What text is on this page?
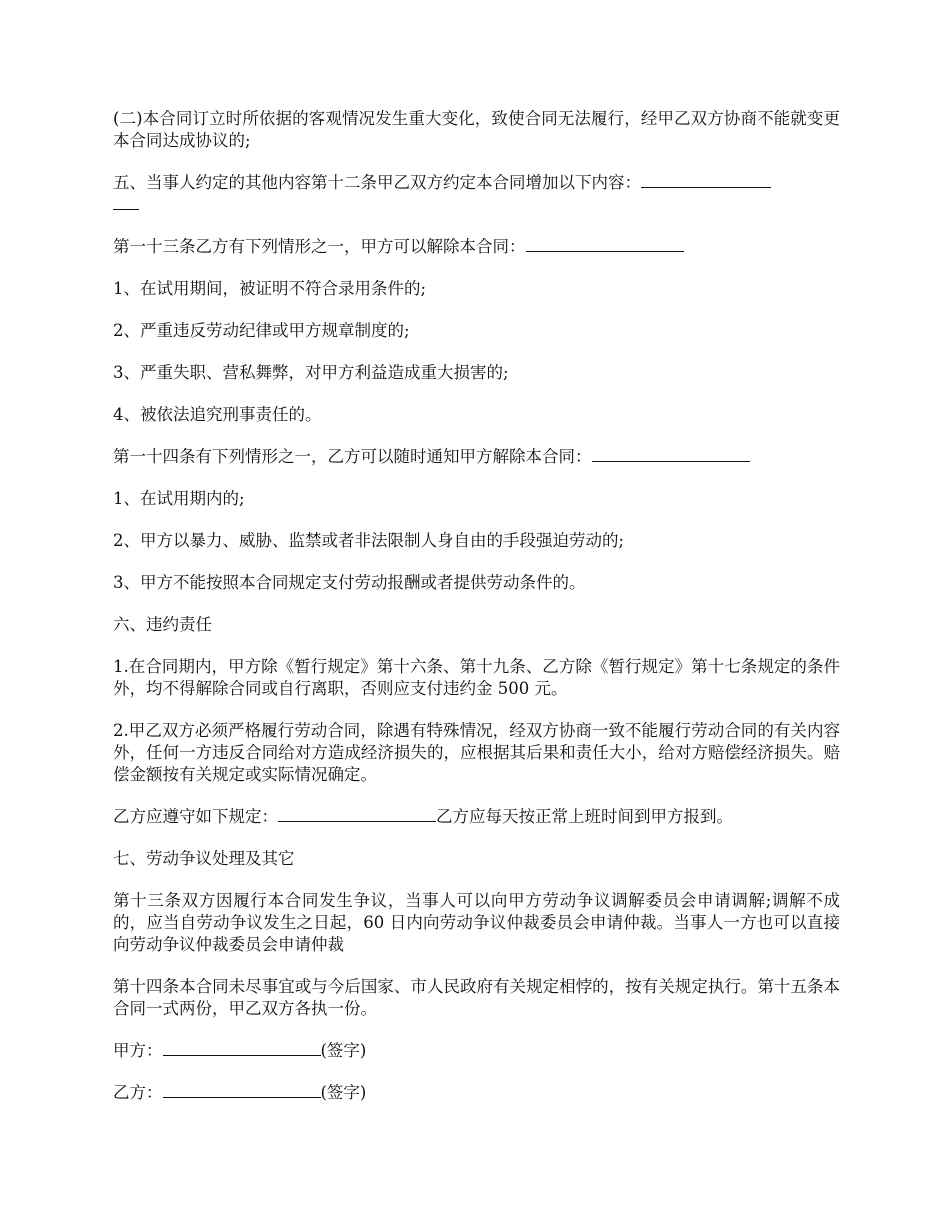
(二)本合同订立时所依据的客观情况发生重大变化，致使合同无法履行，经甲乙双方协商不能就变更本合同达成协议的;

五、当事人约定的其他内容第十二条甲乙双方约定本合同增加以下内容：

第一十三条乙方有下列情形之一，甲方可以解除本合同：

1、在试用期间，被证明不符合录用条件的;

2、严重违反劳动纪律或甲方规章制度的;

3、严重失职、营私舞弊，对甲方利益造成重大损害的;

4、被依法追究刑事责任的。

第一十四条有下列情形之一，乙方可以随时通知甲方解除本合同：

1、在试用期内的;

2、甲方以暴力、威胁、监禁或者非法限制人身自由的手段强迫劳动的;

3、甲方不能按照本合同规定支付劳动报酬或者提供劳动条件的。

六、违约责任

1.在合同期内，甲方除《暂行规定》第十六条、第十九条、乙方除《暂行规定》第十七条规定的条件外，均不得解除合同或自行离职，否则应支付违约金 500 元。

2.甲乙双方必须严格履行劳动合同，除遇有特殊情况，经双方协商一致不能履行劳动合同的有关内容外，任何一方违反合同给对方造成经济损失的，应根据其后果和责任大小，给对方赔偿经济损失。赔偿金额按有关规定或实际情况确定。

乙方应遵守如下规定：	乙方应每天按正常上班时间到甲方报到。

七、劳动争议处理及其它

第十三条双方因履行本合同发生争议，当事人可以向甲方劳动争议调解委员会申请调解;调解不成的，应当自劳动争议发生之日起，60 日内向劳动争议仲裁委员会申请仲裁。当事人一方也可以直接向劳动争议仲裁委员会申请仲裁

第十四条本合同未尽事宜或与今后国家、市人民政府有关规定相悖的，按有关规定执行。第十五条本合同一式两份，甲乙双方各执一份。

甲方：	(签字)

乙方：	(签字)
